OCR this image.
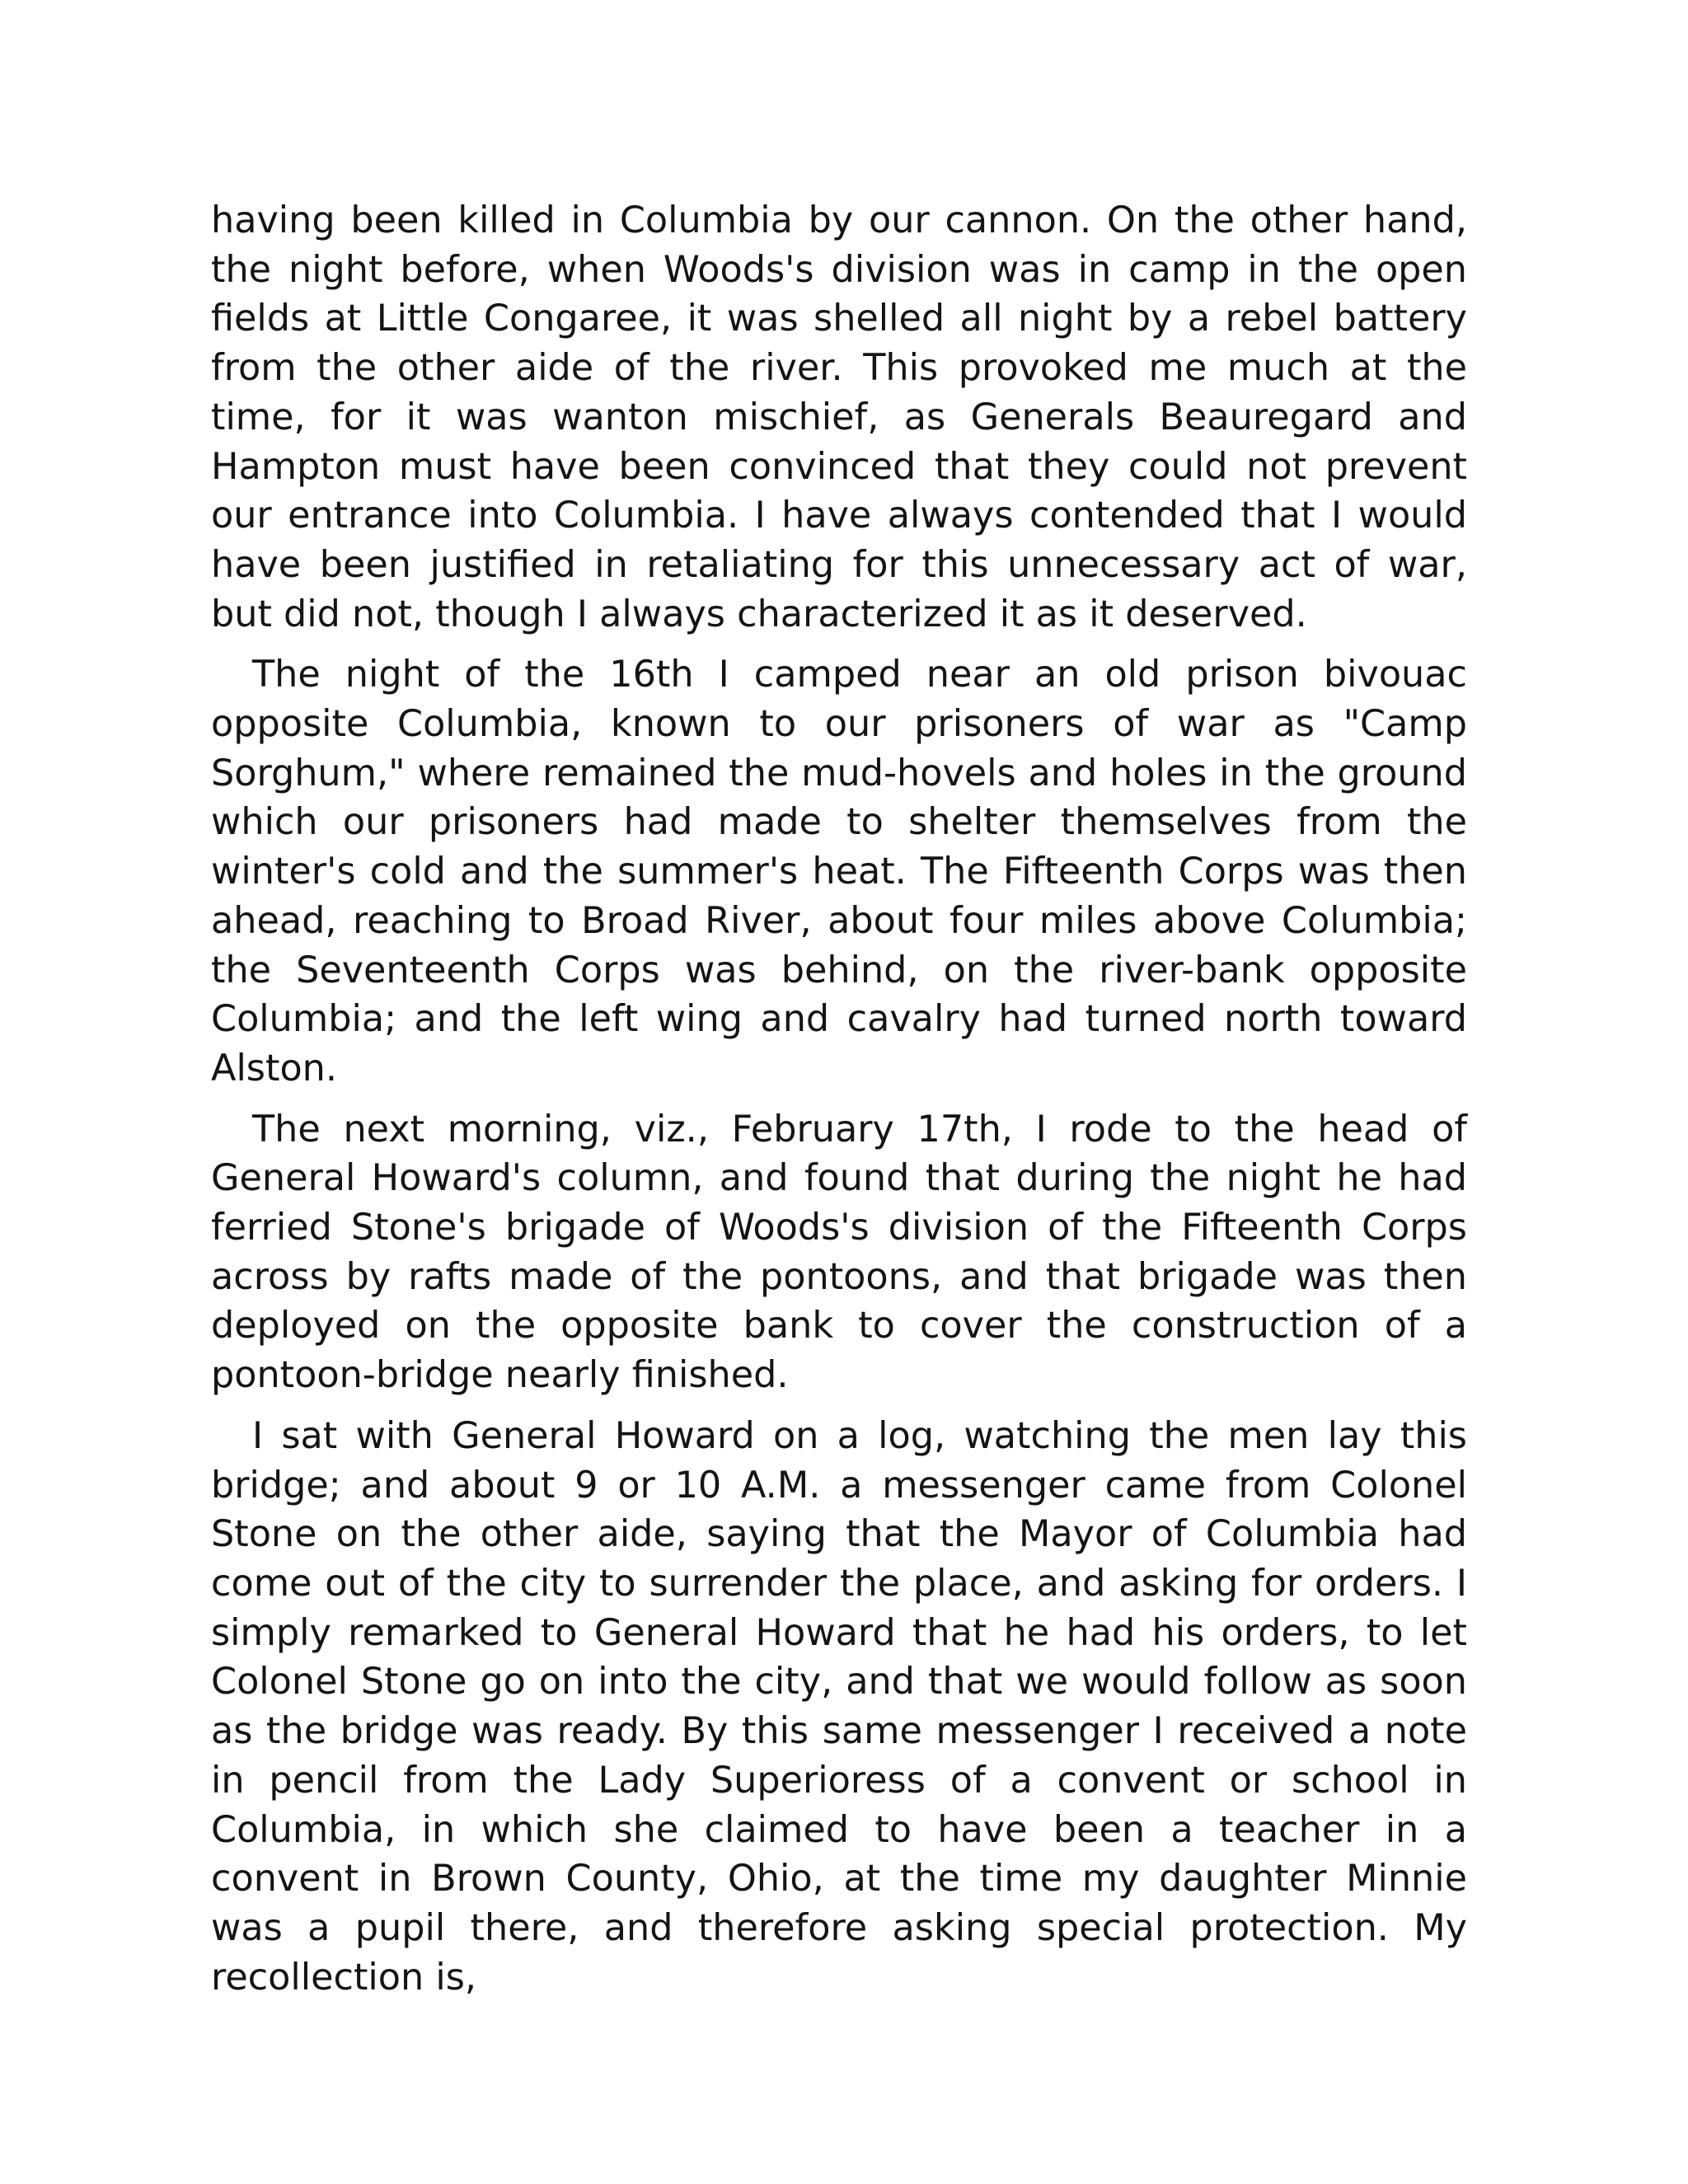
having been killed in Columbia by our cannon. On the other hand, the night before, when Woods's division was in camp in the open fields at Little Congaree, it was shelled all night by a rebel battery from the other aide of the river. This provoked me much at the time, for it was wanton mischief, as Generals Beauregard and Hampton must have been convinced that they could not prevent our entrance into Columbia. I have always contended that I would have been justified in retaliating for this unnecessary act of war, but did not, though I always characterized it as it deserved.

The night of the 16th I camped near an old prison bivouac opposite Columbia, known to our prisoners of war as "Camp Sorghum," where remained the mud-hovels and holes in the ground which our prisoners had made to shelter themselves from the winter's cold and the summer's heat. The Fifteenth Corps was then ahead, reaching to Broad River, about four miles above Columbia; the Seventeenth Corps was behind, on the river-bank opposite Columbia; and the left wing and cavalry had turned north toward Alston.

The next morning, viz., February 17th, I rode to the head of General Howard's column, and found that during the night he had ferried Stone's brigade of Woods's division of the Fifteenth Corps across by rafts made of the pontoons, and that brigade was then deployed on the opposite bank to cover the construction of a pontoon-bridge nearly finished.

I sat with General Howard on a log, watching the men lay this bridge; and about 9 or 10 A.M. a messenger came from Colonel Stone on the other aide, saying that the Mayor of Columbia had come out of the city to surrender the place, and asking for orders. I simply remarked to General Howard that he had his orders, to let Colonel Stone go on into the city, and that we would follow as soon as the bridge was ready. By this same messenger I received a note in pencil from the Lady Superioress of a convent or school in Columbia, in which she claimed to have been a teacher in a convent in Brown County, Ohio, at the time my daughter Minnie was a pupil there, and therefore asking special protection. My recollection is,
